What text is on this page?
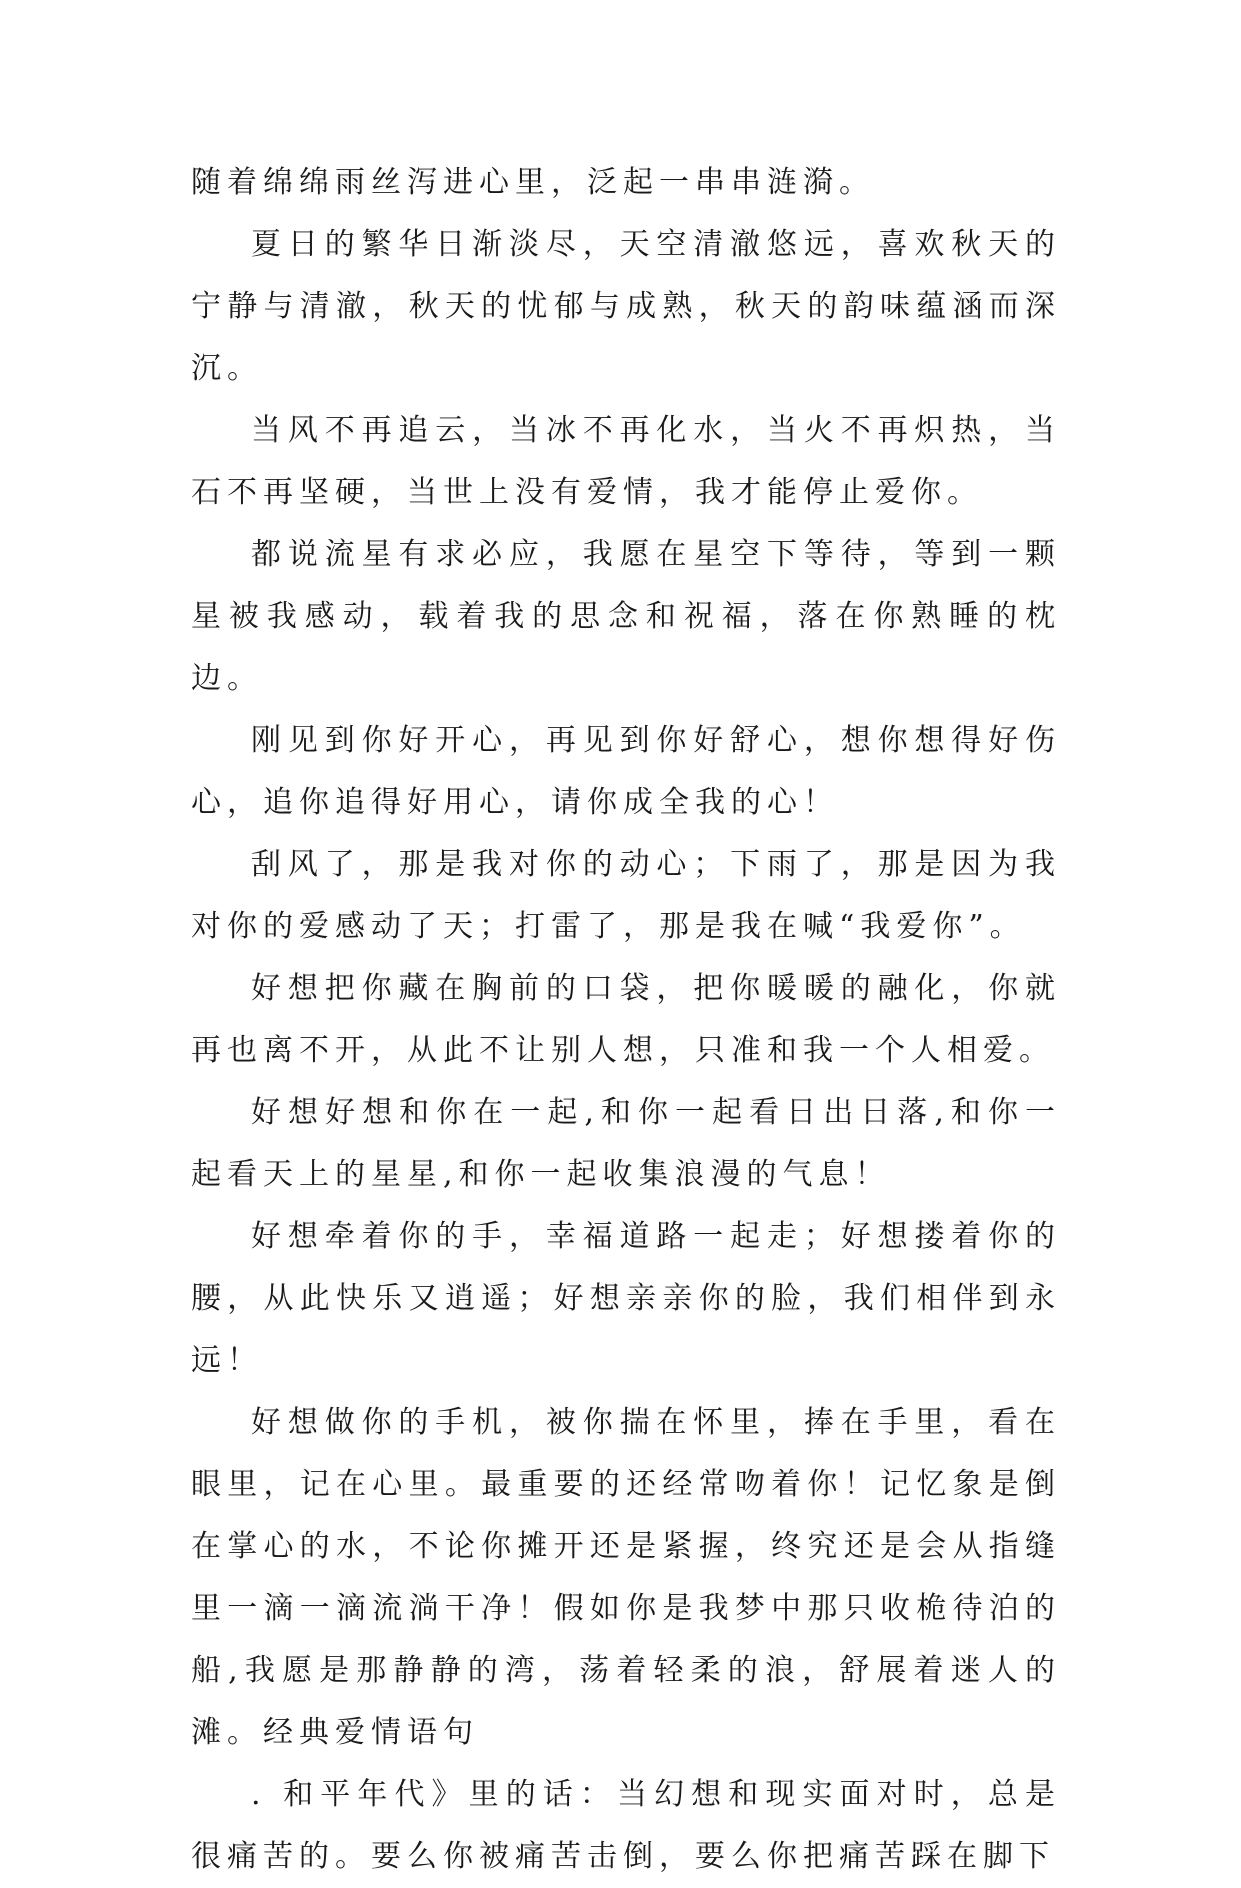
随着绵绵雨丝泻进心里，泛起一串串涟漪。

夏日的繁华日渐淡尽，天空清澈悠远，喜欢秋天的宁静与清澈，秋天的忧郁与成熟，秋天的韵味蕴涵而深沉。

当风不再追云，当冰不再化水，当火不再炽热，当石不再坚硬，当世上没有爱情，我才能停止爱你。

都说流星有求必应，我愿在星空下等待，等到一颗星被我感动，载着我的思念和祝福，落在你熟睡的枕边。

刚见到你好开心，再见到你好舒心，想你想得好伤心，追你追得好用心，请你成全我的心！

刮风了，那是我对你的动心；下雨了，那是因为我对你的爱感动了天；打雷了，那是我在喊“我爱你”。

好想把你藏在胸前的口袋，把你暖暖的融化，你就再也离不开，从此不让别人想，只准和我一个人相爱。

好想好想和你在一起,和你一起看日出日落,和你一起看天上的星星,和你一起收集浪漫的气息！

好想牵着你的手，幸福道路一起走；好想搂着你的腰，从此快乐又逍遥；好想亲亲你的脸，我们相伴到永远！

好想做你的手机，被你揣在怀里，捧在手里，看在眼里，记在心里。最重要的还经常吻着你！记忆象是倒在掌心的水，不论你摊开还是紧握，终究还是会从指缝里一滴一滴流淌干净！假如你是我梦中那只收桅待泊的船,我愿是那静静的湾，荡着轻柔的浪，舒展着迷人的滩。经典爱情语句

. 和平年代》里的话：当幻想和现实面对时，总是很痛苦的。要么你被痛苦击倒，要么你把痛苦踩在脚下
